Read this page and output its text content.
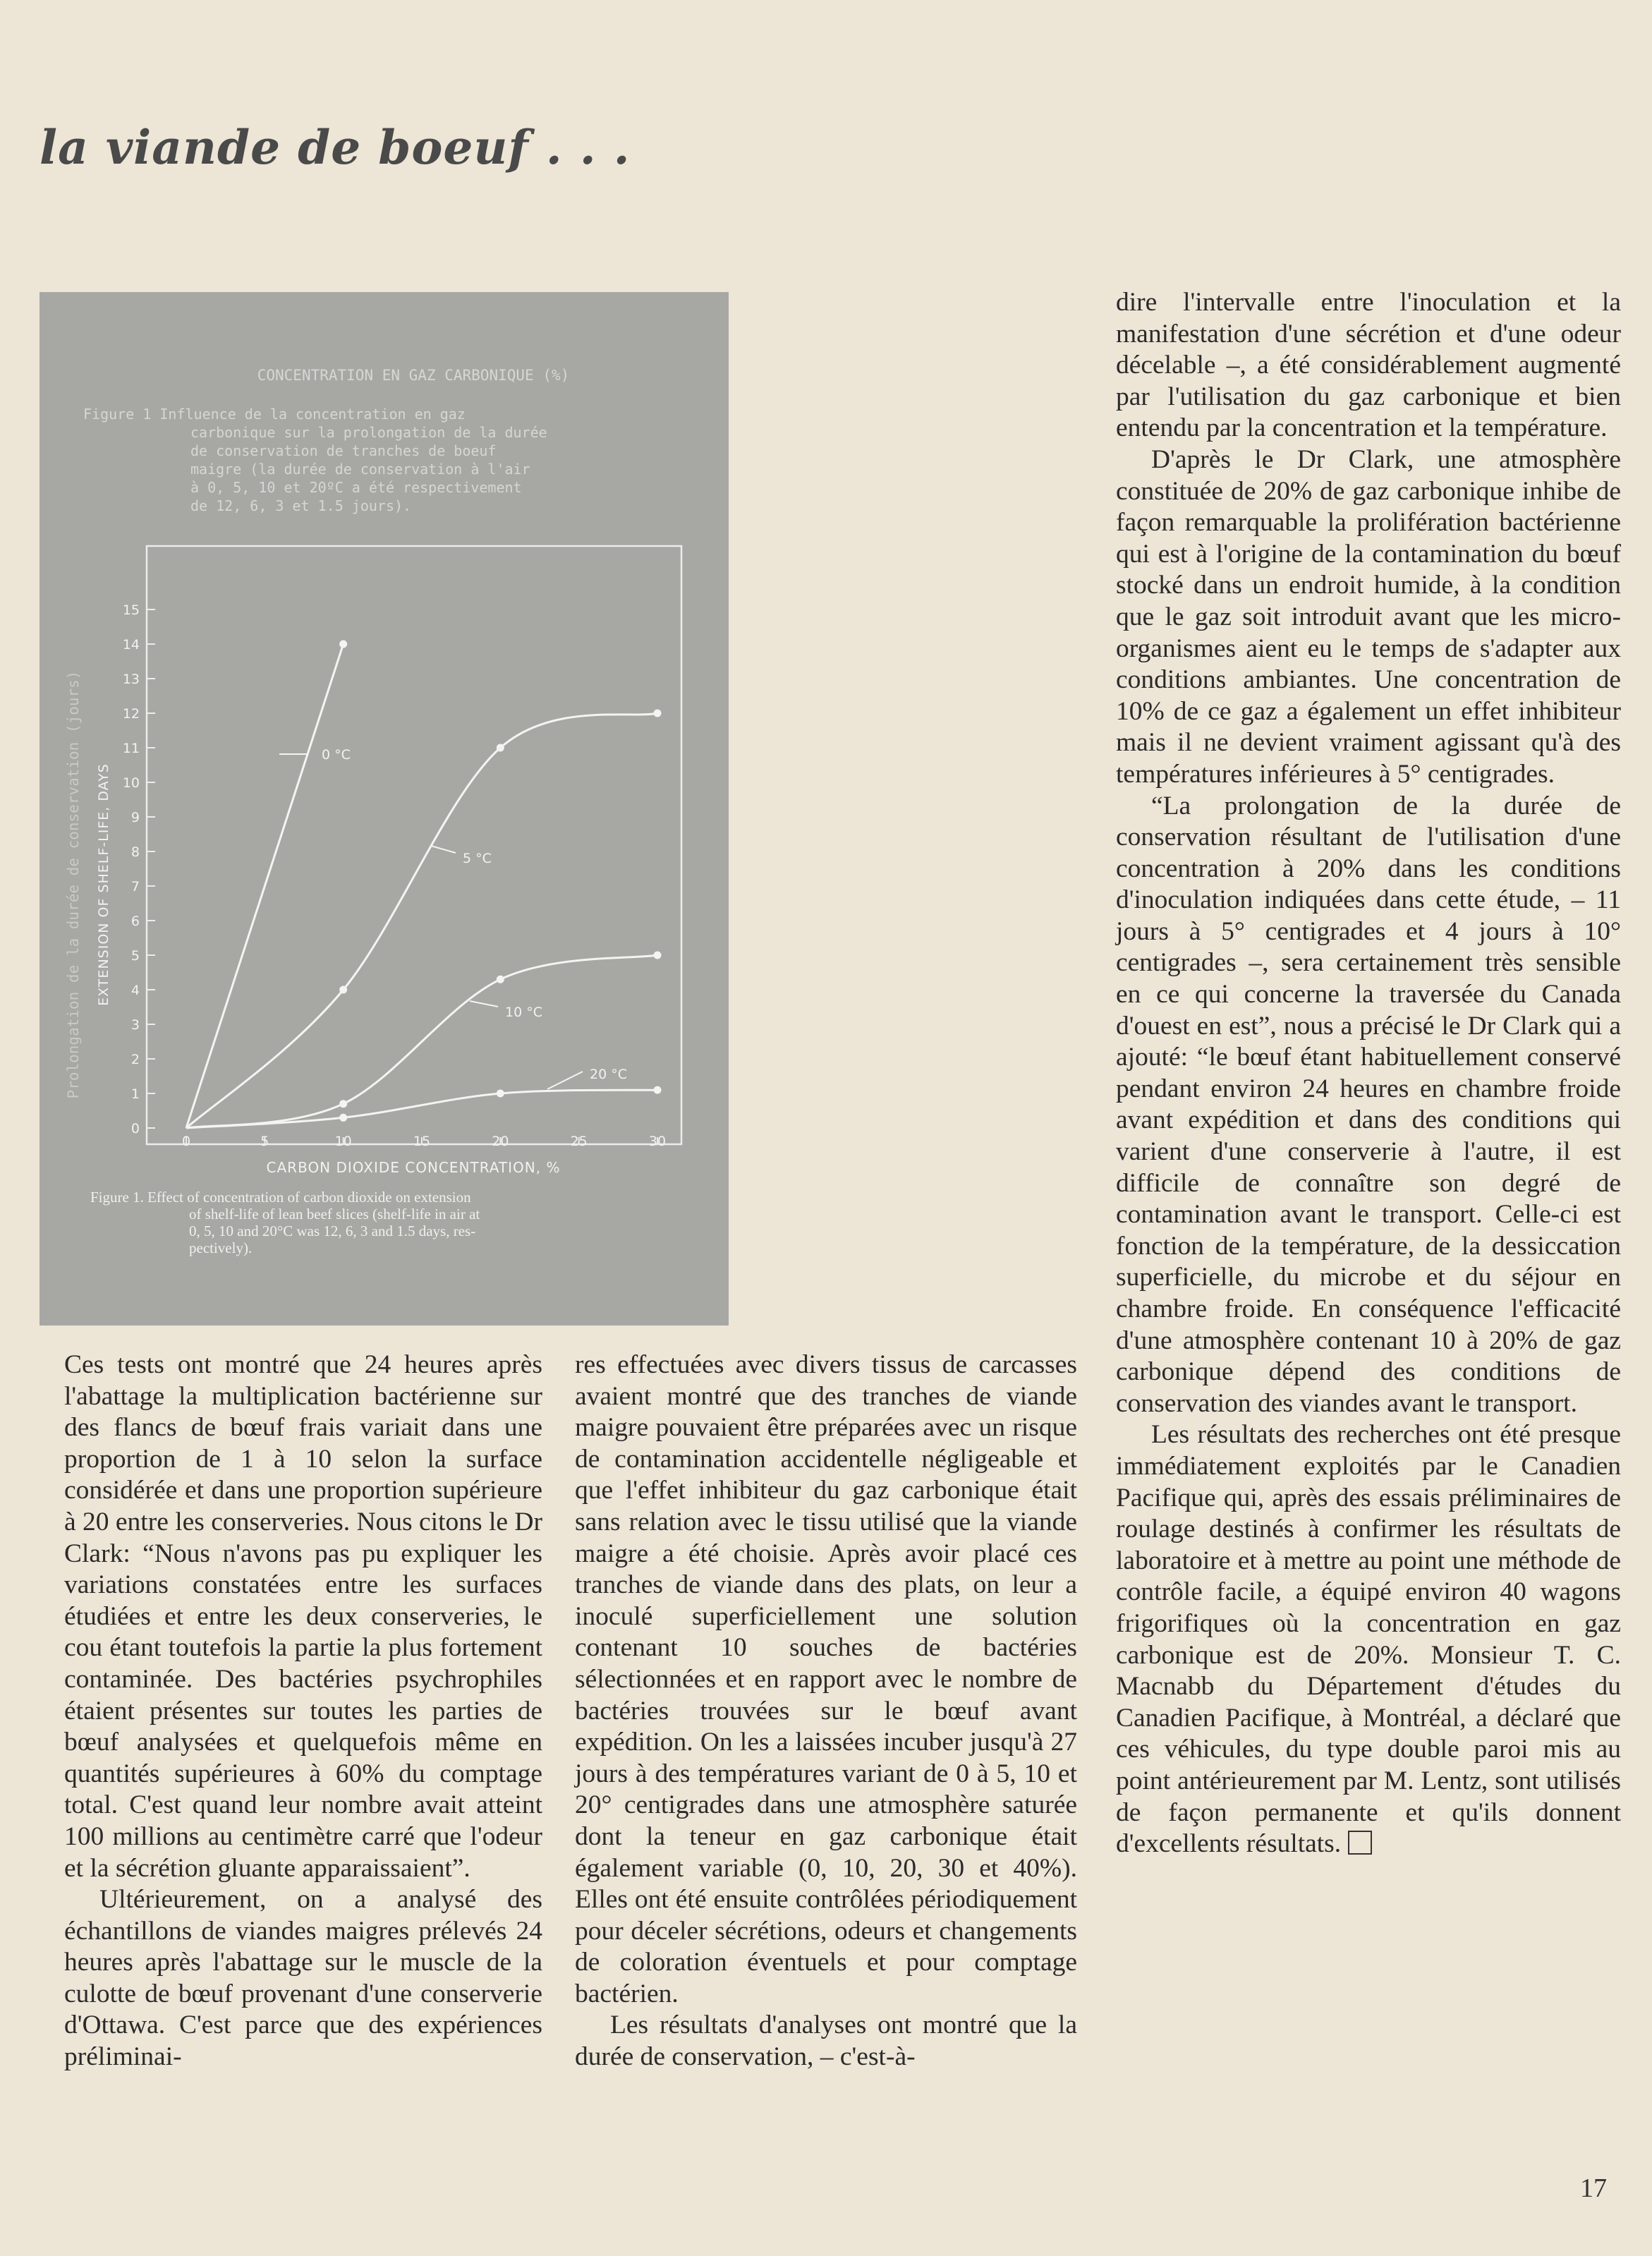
la viande de boeuf . . .
CONCENTRATION EN GAZ CARBONIQUE (%)
Figure 1 Influence de la concentration en gaz
carbonique sur la prolongation de la durée
de conservation de tranches de boeuf
maigre (la durée de conservation à l'air
à 0, 5, 10 et 20ºC a été respectivement
de 12, 6, 3 et 1.5 jours).
Prolongation de la durée de conservation (jours) EXTENSION OF SHELF-LIFE, DAYS
CARBON DIOXIDE CONCENTRATION, %
0
1
2
3
4
5
6
7
8
9
10
11
12
13
14
15
0	5	10	15	20	25	30
0 °C
5 °C
10 °C
20 °C
Figure 1. Effect of concentration of carbon dioxide on extension
of shelf-life of lean beef slices (shelf-life in air at
0, 5, 10 and 20°C was 12, 6, 3 and 1.5 days, res-
pectively).

Ces tests ont montré que 24 heures après l'abattage la multiplication bactérienne sur des flancs de bœuf frais variait dans une proportion de 1 à 10 selon la surface considérée et dans une proportion supérieure à 20 entre les conserveries. Nous citons le Dr Clark: “Nous n'avons pas pu expliquer les variations constatées entre les surfaces étudiées et entre les deux conserveries, le cou étant toutefois la partie la plus fortement contaminée. Des bactéries psychrophiles étaient présentes sur toutes les parties de bœuf analysées et quelquefois même en quantités supérieures à 60% du comptage total. C'est quand leur nombre avait atteint 100 millions au centimètre carré que l'odeur et la sécrétion gluante apparaissaient”.

Ultérieurement, on a analysé des échantillons de viandes maigres prélevés 24 heures après l'abattage sur le muscle de la culotte de bœuf provenant d'une conserverie d'Ottawa. C'est parce que des expériences préliminai-

res effectuées avec divers tissus de carcasses avaient montré que des tranches de viande maigre pouvaient être préparées avec un risque de contamination accidentelle négligeable et que l'effet inhibiteur du gaz carbonique était sans relation avec le tissu utilisé que la viande maigre a été choisie. Après avoir placé ces tranches de viande dans des plats, on leur a inoculé superficiellement une solution contenant 10 souches de bactéries sélectionnées et en rapport avec le nombre de bactéries trouvées sur le bœuf avant expédition. On les a laissées incuber jusqu'à 27 jours à des températures variant de 0 à 5, 10 et 20° centigrades dans une atmosphère saturée dont la teneur en gaz carbonique était également variable (0, 10, 20, 30 et 40%). Elles ont été ensuite contrôlées périodiquement pour déceler sécrétions, odeurs et changements de coloration éventuels et pour comptage bactérien.

Les résultats d'analyses ont montré que la durée de conservation, – c'est-à-

dire l'intervalle entre l'inoculation et la manifestation d'une sécrétion et d'une odeur décelable –, a été considérablement augmenté par l'utilisation du gaz carbonique et bien entendu par la concentration et la température.

D'après le Dr Clark, une atmosphère constituée de 20% de gaz carbonique inhibe de façon remarquable la prolifération bactérienne qui est à l'origine de la contamination du bœuf stocké dans un endroit humide, à la condition que le gaz soit introduit avant que les micro-organismes aient eu le temps de s'adapter aux conditions ambiantes. Une concentration de 10% de ce gaz a également un effet inhibiteur mais il ne devient vraiment agissant qu'à des températures inférieures à 5° centigrades.

“La prolongation de la durée de conservation résultant de l'utilisation d'une concentration à 20% dans les conditions d'inoculation indiquées dans cette étude, – 11 jours à 5° centigrades et 4 jours à 10° centigrades –, sera certainement très sensible en ce qui concerne la traversée du Canada d'ouest en est”, nous a précisé le Dr Clark qui a ajouté: “le bœuf étant habituellement conservé pendant environ 24 heures en chambre froide avant expédition et dans des conditions qui varient d'une conserverie à l'autre, il est difficile de connaître son degré de contamination avant le transport. Celle-ci est fonction de la température, de la dessiccation superficielle, du microbe et du séjour en chambre froide. En conséquence l'efficacité d'une atmosphère contenant 10 à 20% de gaz carbonique dépend des conditions de conservation des viandes avant le transport.

Les résultats des recherches ont été presque immédiatement exploités par le Canadien Pacifique qui, après des essais préliminaires de roulage destinés à confirmer les résultats de laboratoire et à mettre au point une méthode de contrôle facile, a équipé environ 40 wagons frigorifiques où la concentration en gaz carbonique est de 20%. Monsieur T. C. Macnabb du Département d'études du Canadien Pacifique, à Montréal, a déclaré que ces véhicules, du type double paroi mis au point antérieurement par M. Lentz, sont utilisés de façon permanente et qu'ils donnent d'excellents résultats.

17
